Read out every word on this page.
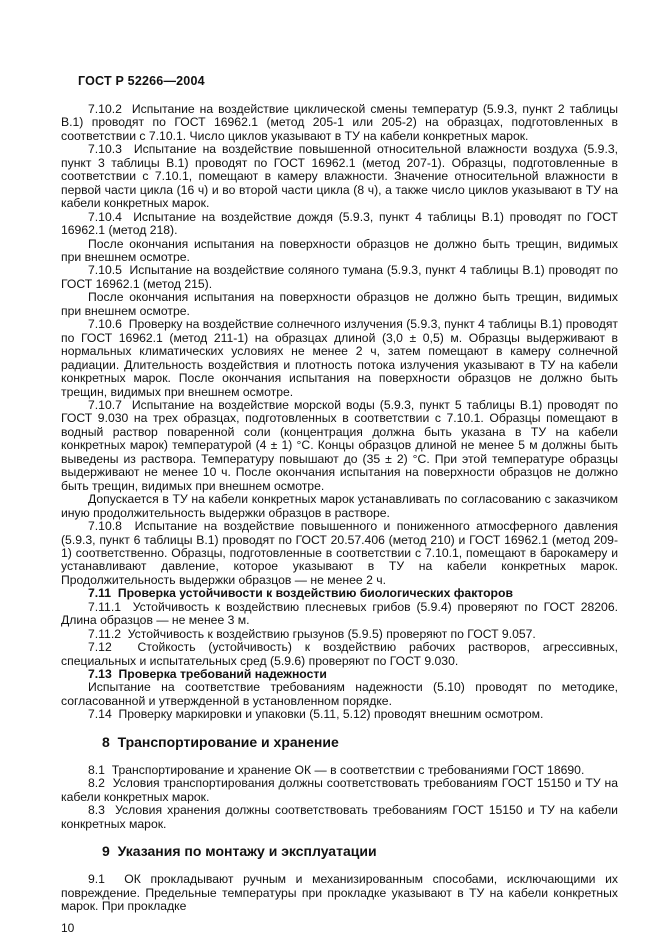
ГОСТ Р 52266—2004

7.10.2  Испытание на воздействие циклической смены температур (5.9.3, пункт 2 таблицы В.1) проводят по ГОСТ 16962.1 (метод 205-1 или 205-2) на образцах, подготовленных в соответствии с 7.10.1. Число циклов указывают в ТУ на кабели конкретных марок.

7.10.3  Испытание на воздействие повышенной относительной влажности воздуха (5.9.3, пункт 3 таблицы В.1) проводят по ГОСТ 16962.1 (метод 207-1). Образцы, подготовленные в соответствии с 7.10.1, помещают в камеру влажности. Значение относительной влажности в первой части цикла (16 ч) и во второй части цикла (8 ч), а также число циклов указывают в ТУ на кабели конкретных марок.

7.10.4  Испытание на воздействие дождя (5.9.3, пункт 4 таблицы В.1) проводят по ГОСТ 16962.1 (метод 218).

После окончания испытания на поверхности образцов не должно быть трещин, видимых при внешнем осмотре.

7.10.5  Испытание на воздействие соляного тумана (5.9.3, пункт 4 таблицы В.1) проводят по ГОСТ 16962.1 (метод 215).

После окончания испытания на поверхности образцов не должно быть трещин, видимых при внешнем осмотре.

7.10.6  Проверку на воздействие солнечного излучения (5.9.3, пункт 4 таблицы В.1) проводят по ГОСТ 16962.1 (метод 211-1) на образцах длиной (3,0 ± 0,5) м. Образцы выдерживают в нормальных климатических условиях не менее 2 ч, затем помещают в камеру солнечной радиации. Длительность воздействия и плотность потока излучения указывают в ТУ на кабели конкретных марок. После окончания испытания на поверхности образцов не должно быть трещин, видимых при внешнем осмотре.

7.10.7  Испытание на воздействие морской воды (5.9.3, пункт 5 таблицы В.1) проводят по ГОСТ 9.030 на трех образцах, подготовленных в соответствии с 7.10.1. Образцы помещают в водный раствор поваренной соли (концентрация должна быть указана в ТУ на кабели конкретных марок) температурой (4 ± 1) °С. Концы образцов длиной не менее 5 м должны быть выведены из раствора. Температуру повышают до (35 ± 2) °С. При этой температуре образцы выдерживают не менее 10 ч. После окончания испытания на поверхности образцов не должно быть трещин, видимых при внешнем осмотре.

Допускается в ТУ на кабели конкретных марок устанавливать по согласованию с заказчиком иную продолжительность выдержки образцов в растворе.

7.10.8  Испытание на воздействие повышенного и пониженного атмосферного давления (5.9.3, пункт 6 таблицы В.1) проводят по ГОСТ 20.57.406 (метод 210) и ГОСТ 16962.1 (метод 209-1) соответственно. Образцы, подготовленные в соответствии с 7.10.1, помещают в барокамеру и устанавливают давление, которое указывают в ТУ на кабели конкретных марок. Продолжительность выдержки образцов — не менее 2 ч.

7.11  Проверка устойчивости к воздействию биологических факторов

7.11.1  Устойчивость к воздействию плесневых грибов (5.9.4) проверяют по ГОСТ 28206. Длина образцов — не менее 3 м.

7.11.2  Устойчивость к воздействию грызунов (5.9.5) проверяют по ГОСТ 9.057.

7.12  Стойкость (устойчивость) к воздействию рабочих растворов, агрессивных, специальных и испытательных сред (5.9.6) проверяют по ГОСТ 9.030.

7.13  Проверка требований надежности

Испытание на соответствие требованиям надежности (5.10) проводят по методике, согласованной и утвержденной в установленном порядке.

7.14  Проверку маркировки и упаковки (5.11, 5.12) проводят внешним осмотром.

8  Транспортирование и хранение

8.1  Транспортирование и хранение ОК — в соответствии с требованиями ГОСТ 18690.

8.2  Условия транспортирования должны соответствовать требованиям ГОСТ 15150 и ТУ на кабели конкретных марок.

8.3  Условия хранения должны соответствовать требованиям ГОСТ 15150 и ТУ на кабели конкретных марок.

9  Указания по монтажу и эксплуатации

9.1  ОК прокладывают ручным и механизированным способами, исключающими их повреждение. Предельные температуры при прокладке указывают в ТУ на кабели конкретных марок. При прокладке

10
